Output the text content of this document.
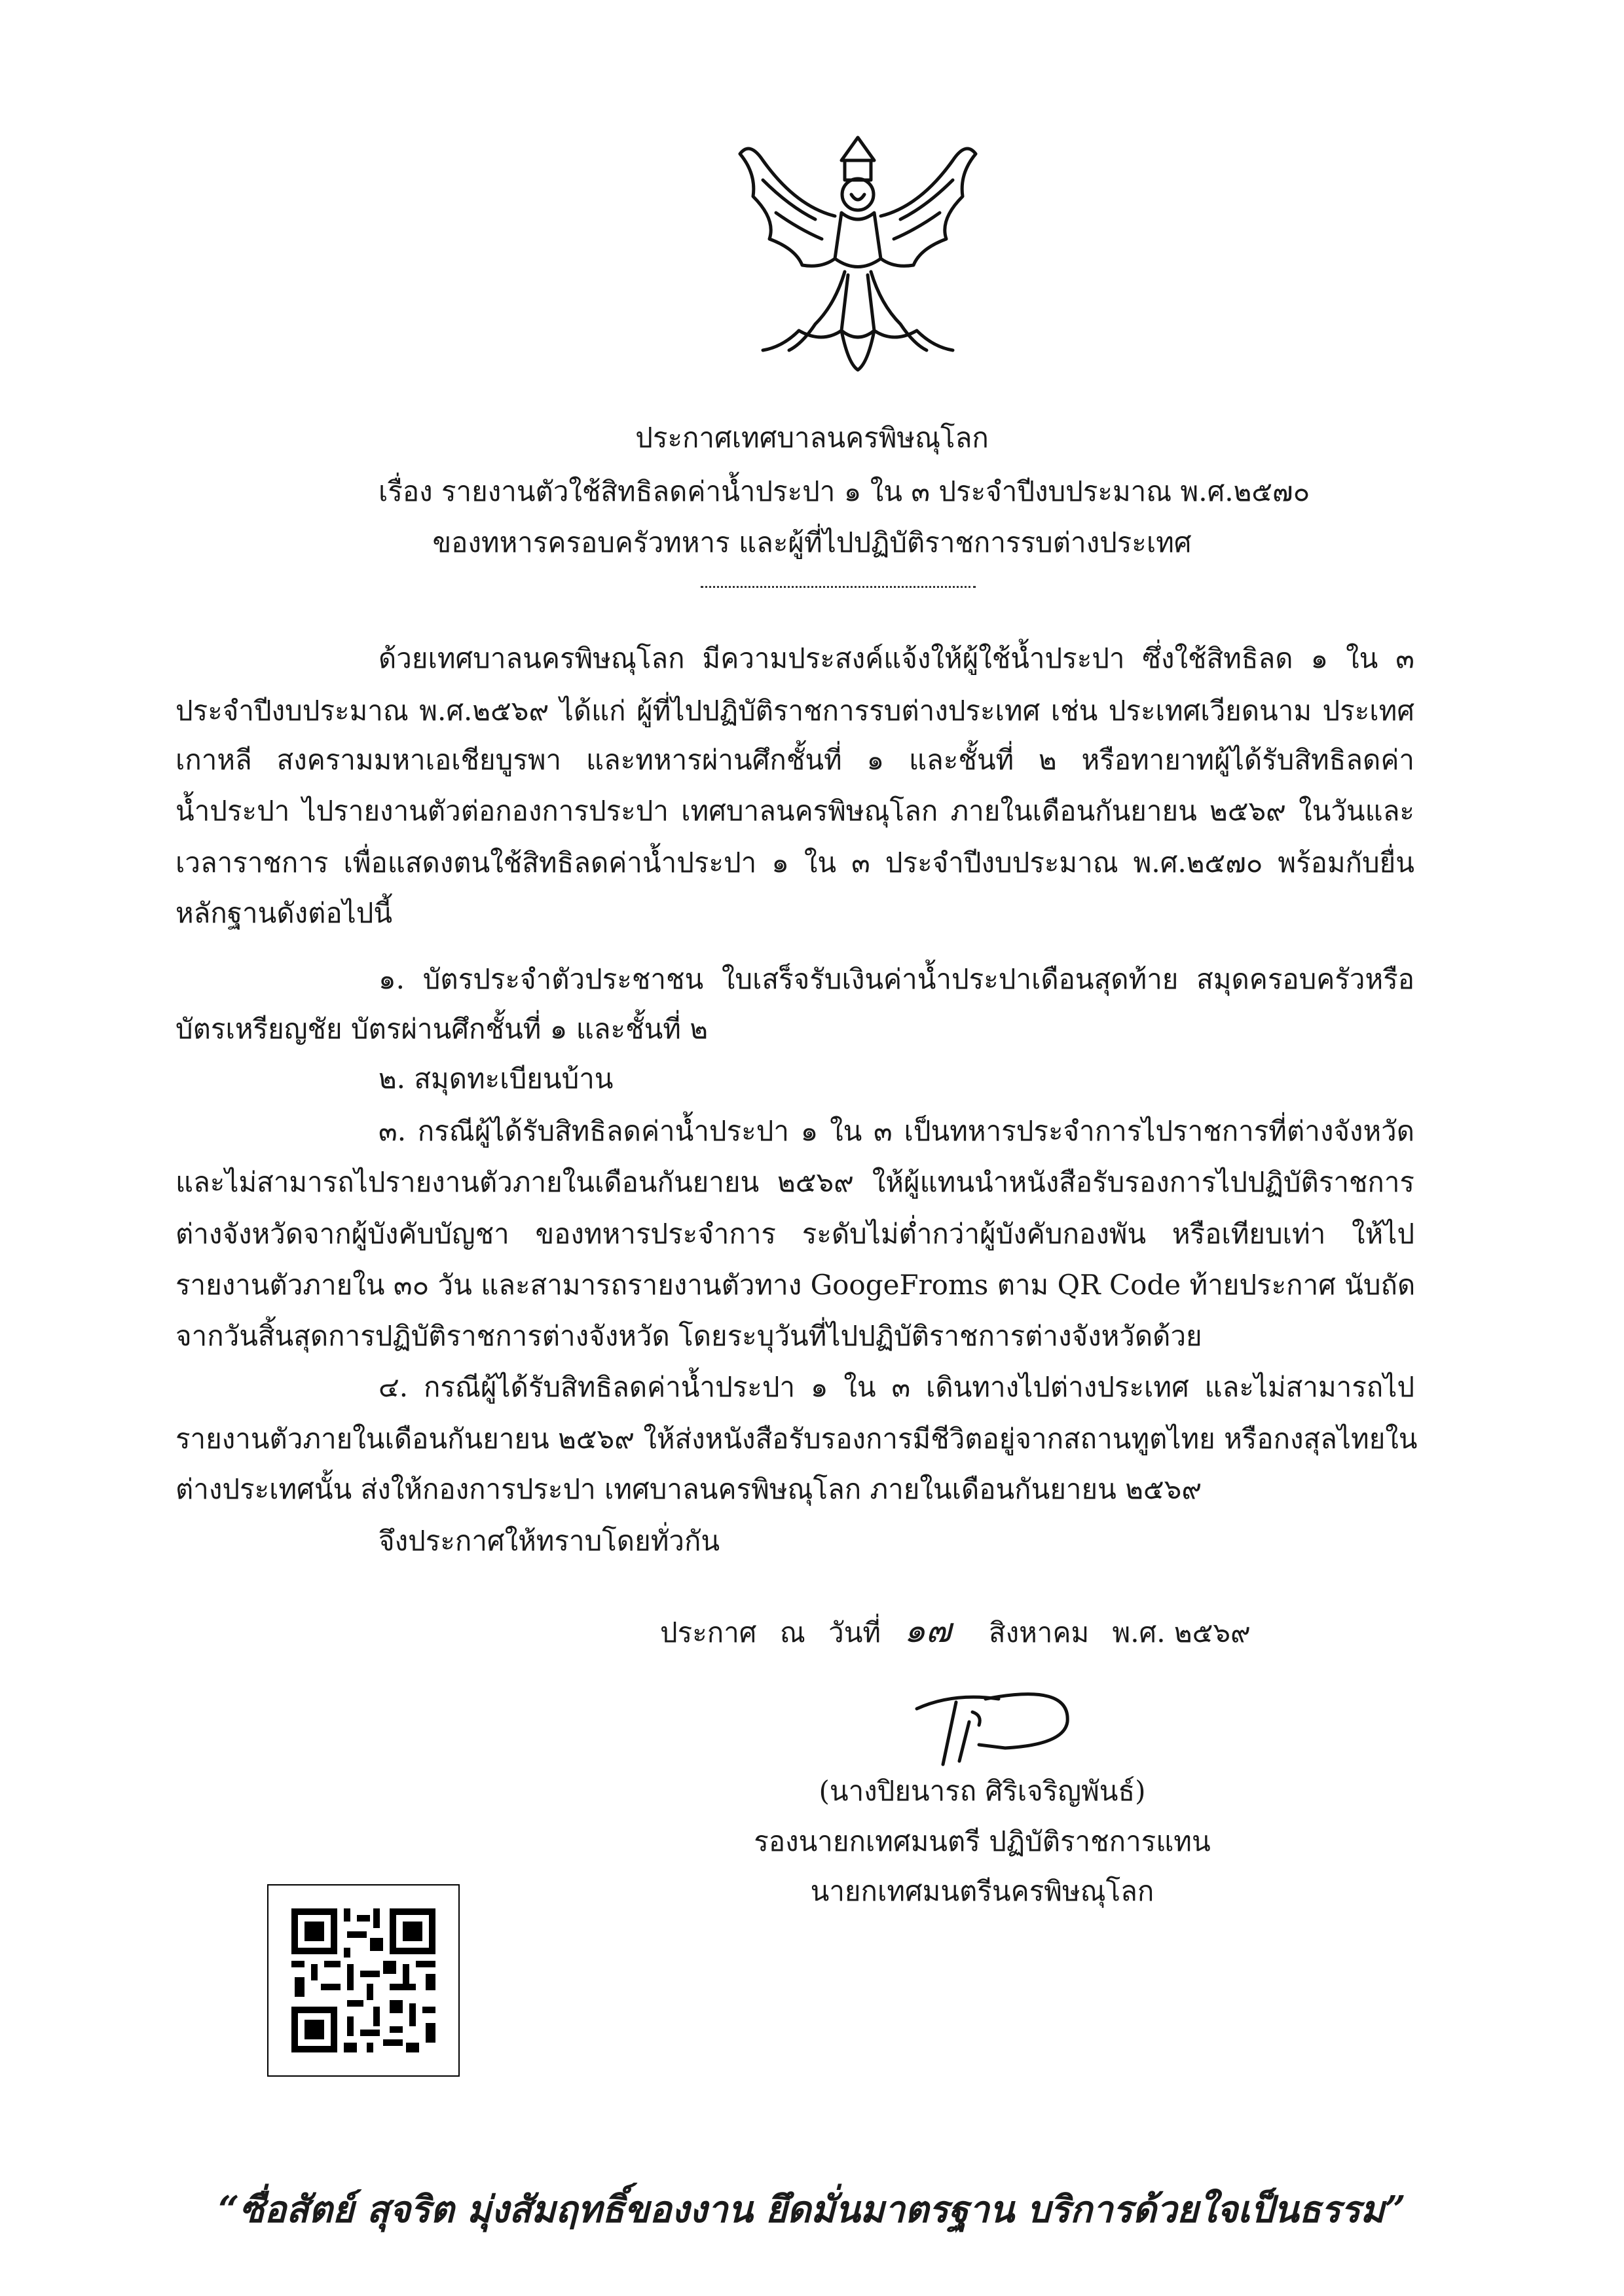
ประกาศเทศบาลนครพิษณุโลก
เรื่อง รายงานตัวใช้สิทธิลดค่าน้ำประปา ๑ ใน ๓ ประจำปีงบประมาณ พ.ศ.๒๕๗๐
ของทหารครอบครัวทหาร และผู้ที่ไปปฏิบัติราชการรบต่างประเทศ
ด้วยเทศบาลนครพิษณุโลก มีความประสงค์แจ้งให้ผู้ใช้น้ำประปา ซึ่งใช้สิทธิลด ๑ ใน ๓
ประจำปีงบประมาณ พ.ศ.๒๕๖๙ ได้แก่ ผู้ที่ไปปฏิบัติราชการรบต่างประเทศ เช่น ประเทศเวียดนาม ประเทศ
เกาหลี สงครามมหาเอเชียบูรพา และทหารผ่านศึกชั้นที่ ๑ และชั้นที่ ๒ หรือทายาทผู้ได้รับสิทธิลดค่า
น้ำประปา ไปรายงานตัวต่อกองการประปา เทศบาลนครพิษณุโลก ภายในเดือนกันยายน ๒๕๖๙ ในวันและ
เวลาราชการ เพื่อแสดงตนใช้สิทธิลดค่าน้ำประปา ๑ ใน ๓ ประจำปีงบประมาณ พ.ศ.๒๕๗๐ พร้อมกับยื่น
หลักฐานดังต่อไปนี้
๑. บัตรประจำตัวประชาชน ใบเสร็จรับเงินค่าน้ำประปาเดือนสุดท้าย สมุดครอบครัวหรือ
บัตรเหรียญชัย บัตรผ่านศึกชั้นที่ ๑ และชั้นที่ ๒
๒. สมุดทะเบียนบ้าน
๓. กรณีผู้ได้รับสิทธิลดค่าน้ำประปา ๑ ใน ๓ เป็นทหารประจำการไปราชการที่ต่างจังหวัด
และไม่สามารถไปรายงานตัวภายในเดือนกันยายน ๒๕๖๙ ให้ผู้แทนนำหนังสือรับรองการไปปฏิบัติราชการ
ต่างจังหวัดจากผู้บังคับบัญชา ของทหารประจำการ ระดับไม่ต่ำกว่าผู้บังคับกองพัน หรือเทียบเท่า ให้ไป
รายงานตัวภายใน ๓๐ วัน และสามารถรายงานตัวทาง GoogeFroms ตาม QR Code ท้ายประกาศ นับถัด
จากวันสิ้นสุดการปฏิบัติราชการต่างจังหวัด โดยระบุวันที่ไปปฏิบัติราชการต่างจังหวัดด้วย
๔. กรณีผู้ได้รับสิทธิลดค่าน้ำประปา ๑ ใน ๓ เดินทางไปต่างประเทศ และไม่สามารถไป
รายงานตัวภายในเดือนกันยายน ๒๕๖๙ ให้ส่งหนังสือรับรองการมีชีวิตอยู่จากสถานทูตไทย หรือกงสุลไทยใน
ต่างประเทศนั้น ส่งให้กองการประปา เทศบาลนครพิษณุโลก ภายในเดือนกันยายน ๒๕๖๙
จึงประกาศให้ทราบโดยทั่วกัน
ประกาศ ณ วันที่ ๑๗ สิงหาคม พ.ศ. ๒๕๖๙
(นางปิยนารถ ศิริเจริญพันธ์)
รองนายกเทศมนตรี ปฏิบัติราชการแทน
นายกเทศมนตรีนครพิษณุโลก
“ซื่อสัตย์ สุจริต มุ่งสัมฤทธิ์ของงาน ยึดมั่นมาตรฐาน บริการด้วยใจเป็นธรรม”
